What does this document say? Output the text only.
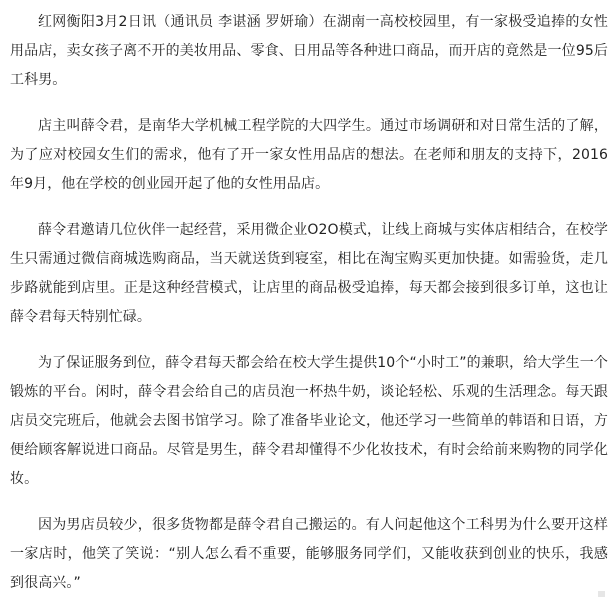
红网衡阳3月2日讯（通讯员 李谌涵 罗妍瑜）在湖南一高校校园里，有一家极受追捧的女性用品店，卖女孩子离不开的美妆用品、零食、日用品等各种进口商品，而开店的竟然是一位95后工科男。

店主叫薛令君，是南华大学机械工程学院的大四学生。通过市场调研和对日常生活的了解，为了应对校园女生们的需求，他有了开一家女性用品店的想法。在老师和朋友的支持下，2016年9月，他在学校的创业园开起了他的女性用品店。

薛令君邀请几位伙伴一起经营，采用微企业O2O模式，让线上商城与实体店相结合，在校学生只需通过微信商城选购商品，当天就送货到寝室，相比在淘宝购买更加快捷。如需验货，走几步路就能到店里。正是这种经营模式，让店里的商品极受追捧，每天都会接到很多订单，这也让薛令君每天特别忙碌。

为了保证服务到位，薛令君每天都会给在校大学生提供10个“小时工”的兼职，给大学生一个锻炼的平台。闲时，薛令君会给自己的店员泡一杯热牛奶，谈论轻松、乐观的生活理念。每天跟店员交完班后，他就会去图书馆学习。除了准备毕业论文，他还学习一些简单的韩语和日语，方便给顾客解说进口商品。尽管是男生，薛令君却懂得不少化妆技术，有时会给前来购物的同学化妆。

因为男店员较少，很多货物都是薛令君自己搬运的。有人问起他这个工科男为什么要开这样一家店时，他笑了笑说：“别人怎么看不重要，能够服务同学们，又能收获到创业的快乐，我感到很高兴。”
